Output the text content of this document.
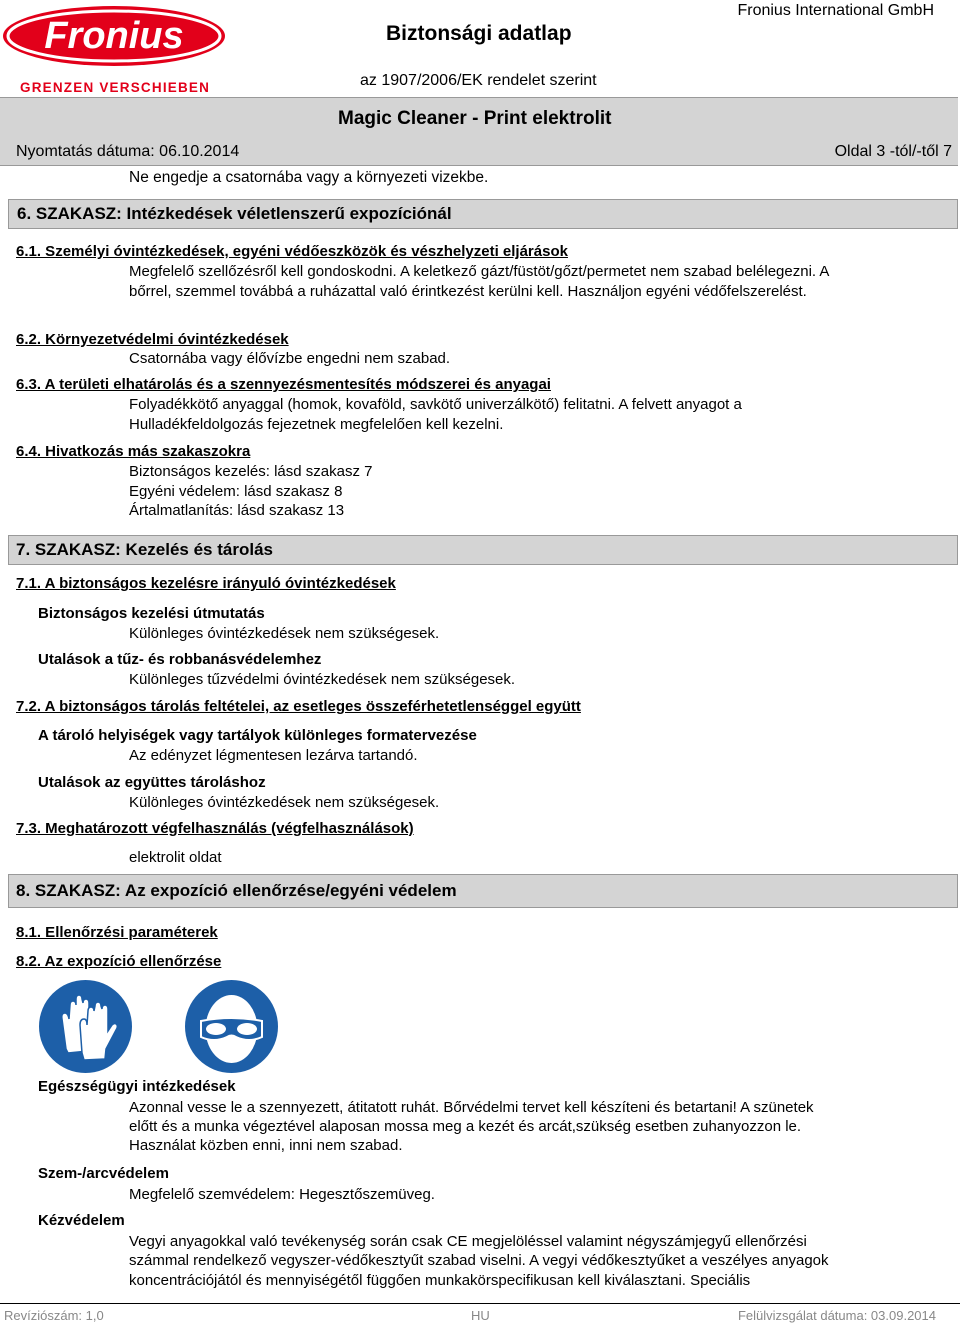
Fronius
GRENZEN VERSCHIEBEN
Biztonsági adatlap
Fronius International GmbH
az 1907/2006/EK rendelet szerint
Magic Cleaner - Print elektrolit
Nyomtatás dátuma: 06.10.2014	Oldal 3 -tól/-től 7
Ne engedje a csatornába vagy a környezeti vizekbe.
6. SZAKASZ: Intézkedések véletlenszerű expozíciónál
6.1. Személyi óvintézkedések, egyéni védőeszközök és vészhelyzeti eljárások
Megfelelő szellőzésről kell gondoskodni. A keletkező gázt/füstöt/gőzt/permetet nem szabad belélegezni. A
bőrrel, szemmel továbbá a ruházattal való érintkezést kerülni kell. Használjon egyéni védőfelszerelést.
6.2. Környezetvédelmi óvintézkedések
Csatornába vagy élővízbe engedni nem szabad.
6.3. A területi elhatárolás és a szennyezésmentesítés módszerei és anyagai
Folyadékkötő anyaggal (homok, kovaföld, savkötő univerzálkötő) felitatni. A felvett anyagot a
Hulladékfeldolgozás fejezetnek megfelelően kell kezelni.
6.4. Hivatkozás más szakaszokra
Biztonságos kezelés: lásd szakasz 7
Egyéni védelem: lásd szakasz 8
Ártalmatlanítás: lásd szakasz 13
7. SZAKASZ: Kezelés és tárolás
7.1. A biztonságos kezelésre irányuló óvintézkedések
Biztonságos kezelési útmutatás
Különleges óvintézkedések nem szükségesek.
Utalások a tűz- és robbanásvédelemhez
Különleges tűzvédelmi óvintézkedések nem szükségesek.
7.2. A biztonságos tárolás feltételei, az esetleges összeférhetetlenséggel együtt
A tároló helyiségek vagy tartályok különleges formatervezése
Az edényzet légmentesen lezárva tartandó.
Utalások az együttes tároláshoz
Különleges óvintézkedések nem szükségesek.
7.3. Meghatározott végfelhasználás (végfelhasználások)
elektrolit oldat
8. SZAKASZ: Az expozíció ellenőrzése/egyéni védelem
8.1. Ellenőrzési paraméterek
8.2. Az expozíció ellenőrzése
Egészségügyi intézkedések
Azonnal vesse le a szennyezett, átitatott ruhát. Bőrvédelmi tervet kell készíteni és betartani! A szünetek
előtt és a munka végeztével alaposan mossa meg a kezét és arcát,szükség esetben zuhanyozzon le.
Használat közben enni, inni nem szabad.
Szem-/arcvédelem
Megfelelő szemvédelem: Hegesztőszemüveg.
Kézvédelem
Vegyi anyagokkal való tevékenység során csak CE megjelöléssel valamint négyszámjegyű ellenőrzési
számmal rendelkező vegyszer-védőkesztyűt szabad viselni. A vegyi védőkesztyűket a veszélyes anyagok
koncentrációjától és mennyiségétől függően munkakörspecifikusan kell kiválasztani. Speciális
Revíziószám: 1,0	HU	Felülvizsgálat dátuma: 03.09.2014
